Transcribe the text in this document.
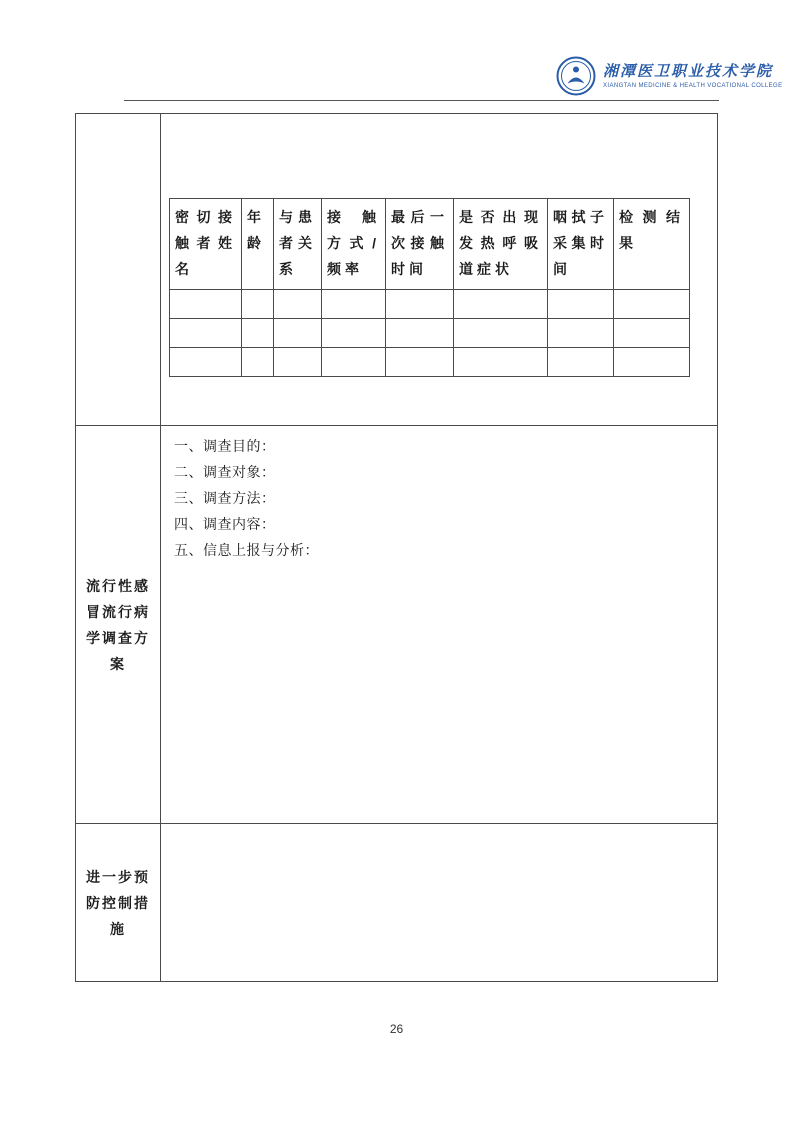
湘潭医卫职业技术学院
XIANGTAN MEDICINE & HEALTH VOCATIONAL COLLEGE

密切接触者姓名	年龄	与患者关系	接触方式/频率	最后一次接触时间	是否出现发热呼吸道症状	咽拭子采集时间	检测结果

流行性感冒流行病学调查方案	
一、调查目的：
二、调查对象：
三、调查方法：
四、调查内容：
五、信息上报与分析：

进一步预防控制措施	
26
